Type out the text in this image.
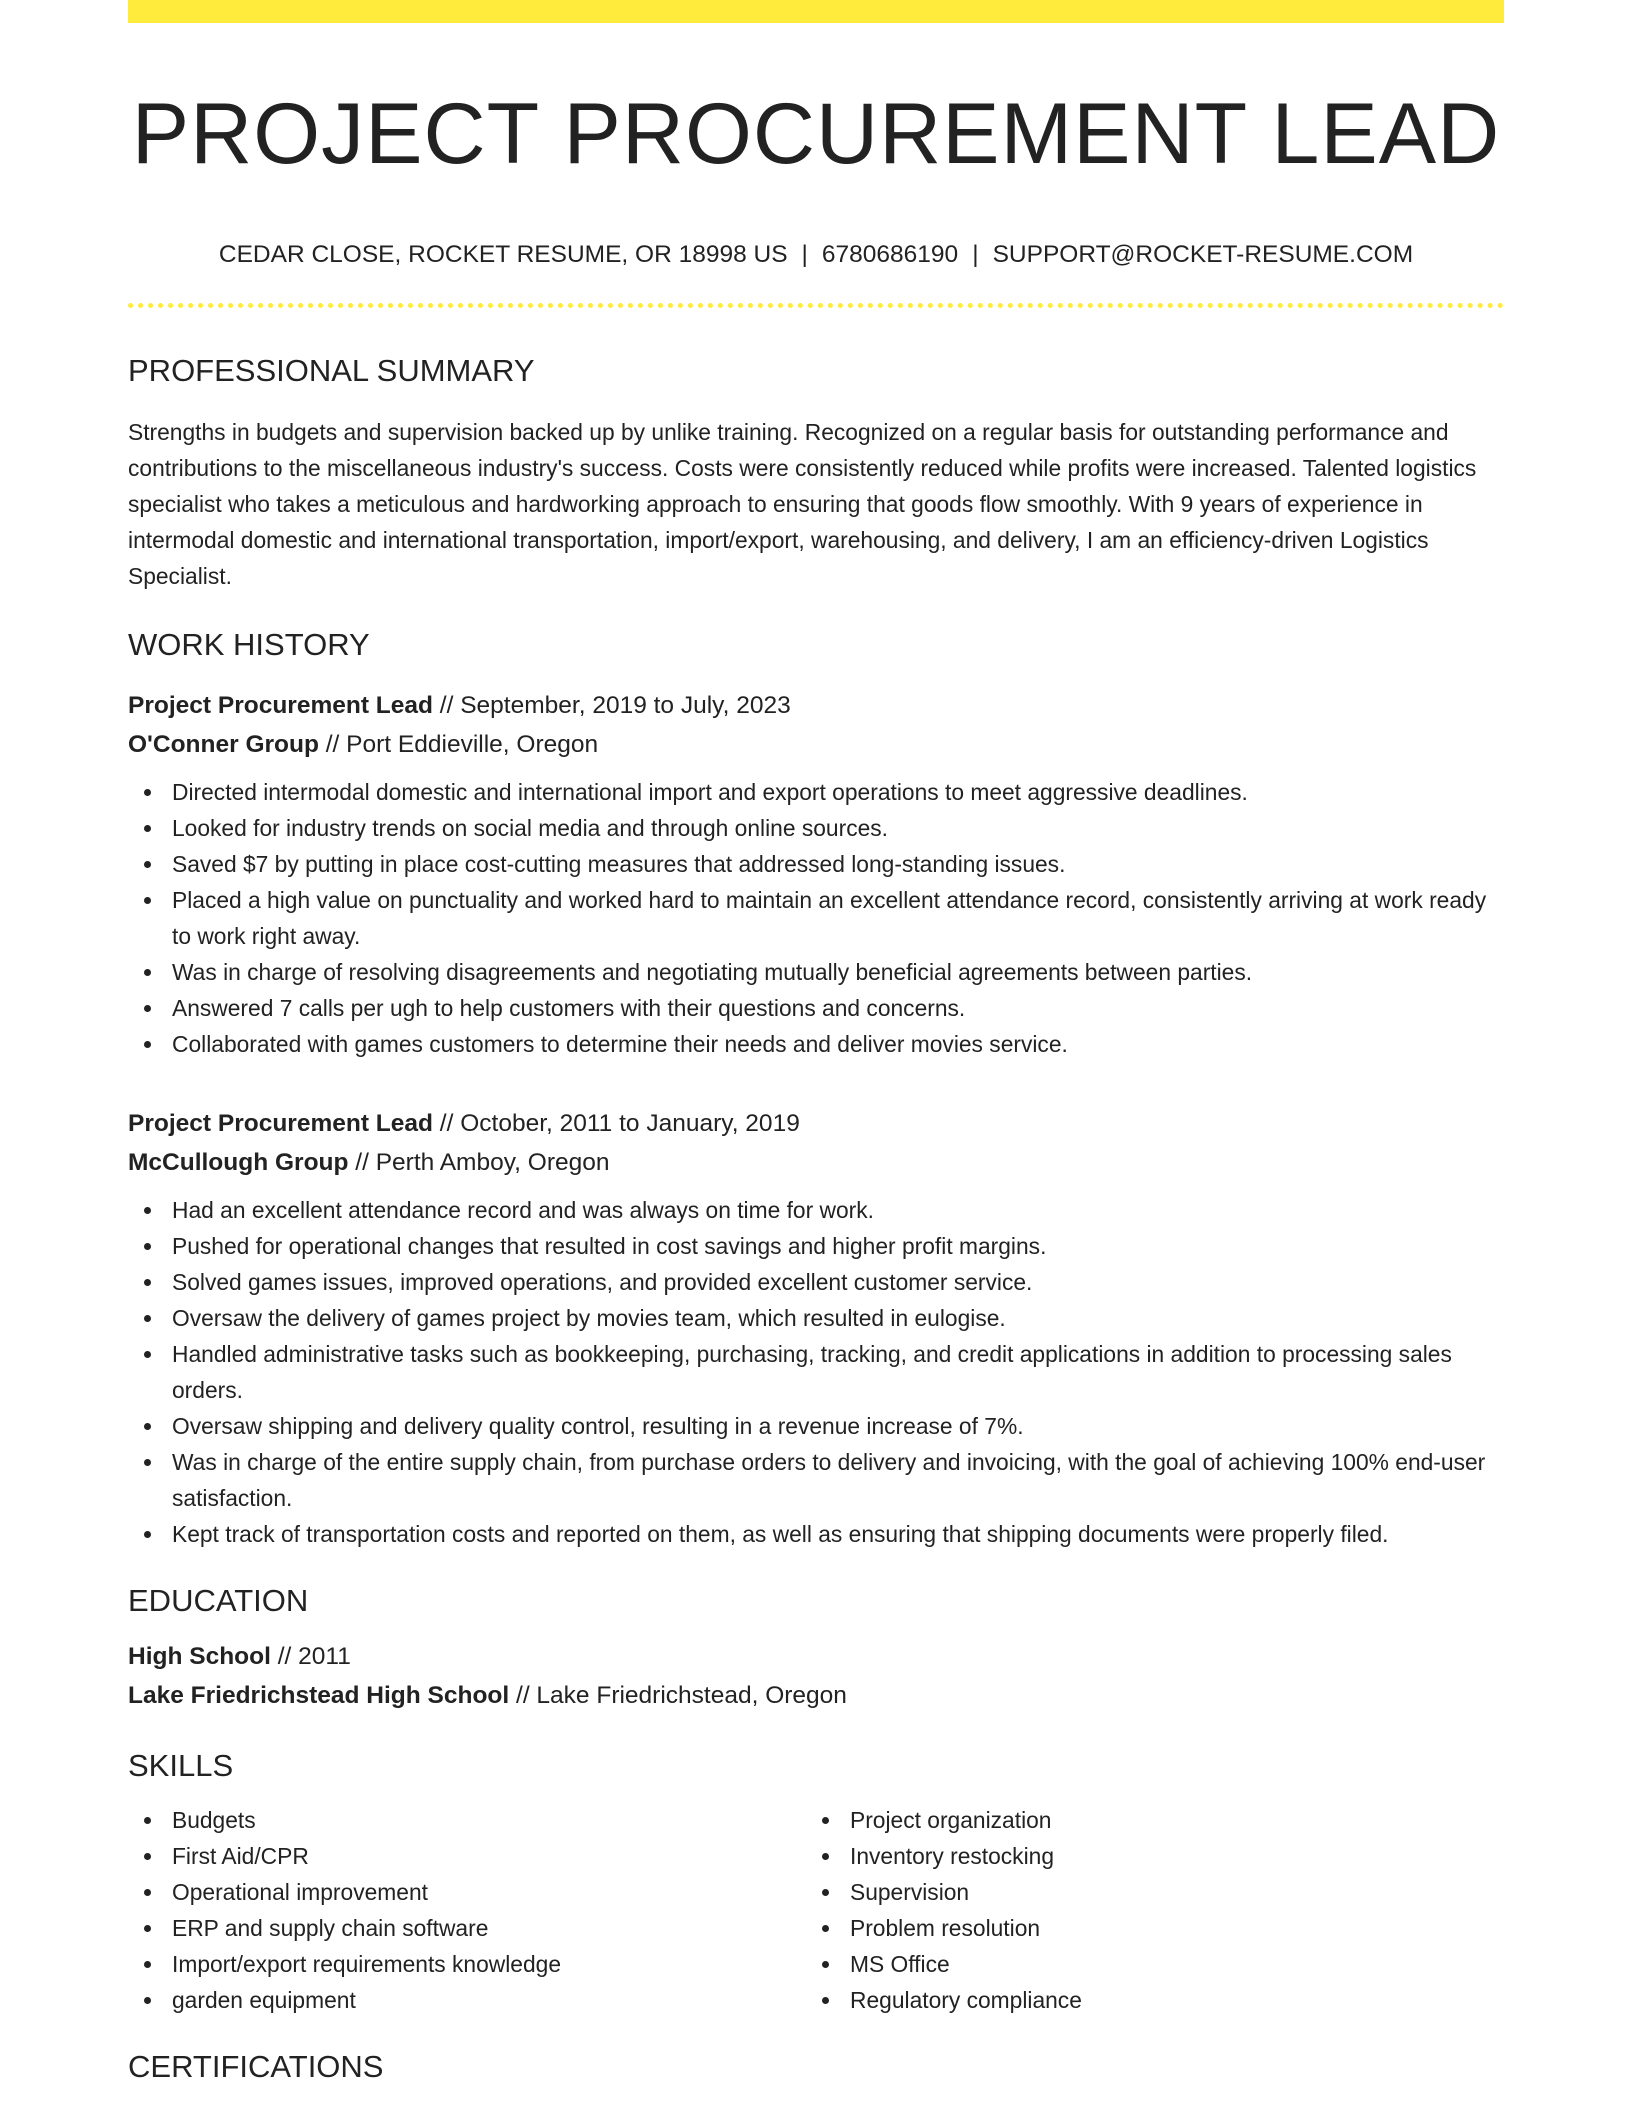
PROJECT PROCUREMENT LEAD
CEDAR CLOSE, ROCKET RESUME, OR 18998 US | 6780686190 | SUPPORT@ROCKET-RESUME.COM
PROFESSIONAL SUMMARY

Strengths in budgets and supervision backed up by unlike training. Recognized on a regular basis for outstanding performance and contributions to the miscellaneous industry's success. Costs were consistently reduced while profits were increased. Talented logistics specialist who takes a meticulous and hardworking approach to ensuring that goods flow smoothly. With 9 years of experience in intermodal domestic and international transportation, import/export, warehousing, and delivery, I am an efficiency-driven Logistics Specialist.

WORK HISTORY
Project Procurement Lead // September, 2019 to July, 2023
O'Conner Group // Port Eddieville, Oregon
Directed intermodal domestic and international import and export operations to meet aggressive deadlines.
Looked for industry trends on social media and through online sources.
Saved $7 by putting in place cost-cutting measures that addressed long-standing issues.
Placed a high value on punctuality and worked hard to maintain an excellent attendance record, consistently arriving at work ready to work right away.
Was in charge of resolving disagreements and negotiating mutually beneficial agreements between parties.
Answered 7 calls per ugh to help customers with their questions and concerns.
Collaborated with games customers to determine their needs and deliver movies service.
Project Procurement Lead // October, 2011 to January, 2019
McCullough Group // Perth Amboy, Oregon
Had an excellent attendance record and was always on time for work.
Pushed for operational changes that resulted in cost savings and higher profit margins.
Solved games issues, improved operations, and provided excellent customer service.
Oversaw the delivery of games project by movies team, which resulted in eulogise.
Handled administrative tasks such as bookkeeping, purchasing, tracking, and credit applications in addition to processing sales orders.
Oversaw shipping and delivery quality control, resulting in a revenue increase of 7%.
Was in charge of the entire supply chain, from purchase orders to delivery and invoicing, with the goal of achieving 100% end-user satisfaction.
Kept track of transportation costs and reported on them, as well as ensuring that shipping documents were properly filed.
EDUCATION
High School // 2011
Lake Friedrichstead High School // Lake Friedrichstead, Oregon
SKILLS
Budgets
First Aid/CPR
Operational improvement
ERP and supply chain software
Import/export requirements knowledge
garden equipment
Project organization
Inventory restocking
Supervision
Problem resolution
MS Office
Regulatory compliance
CERTIFICATIONS
